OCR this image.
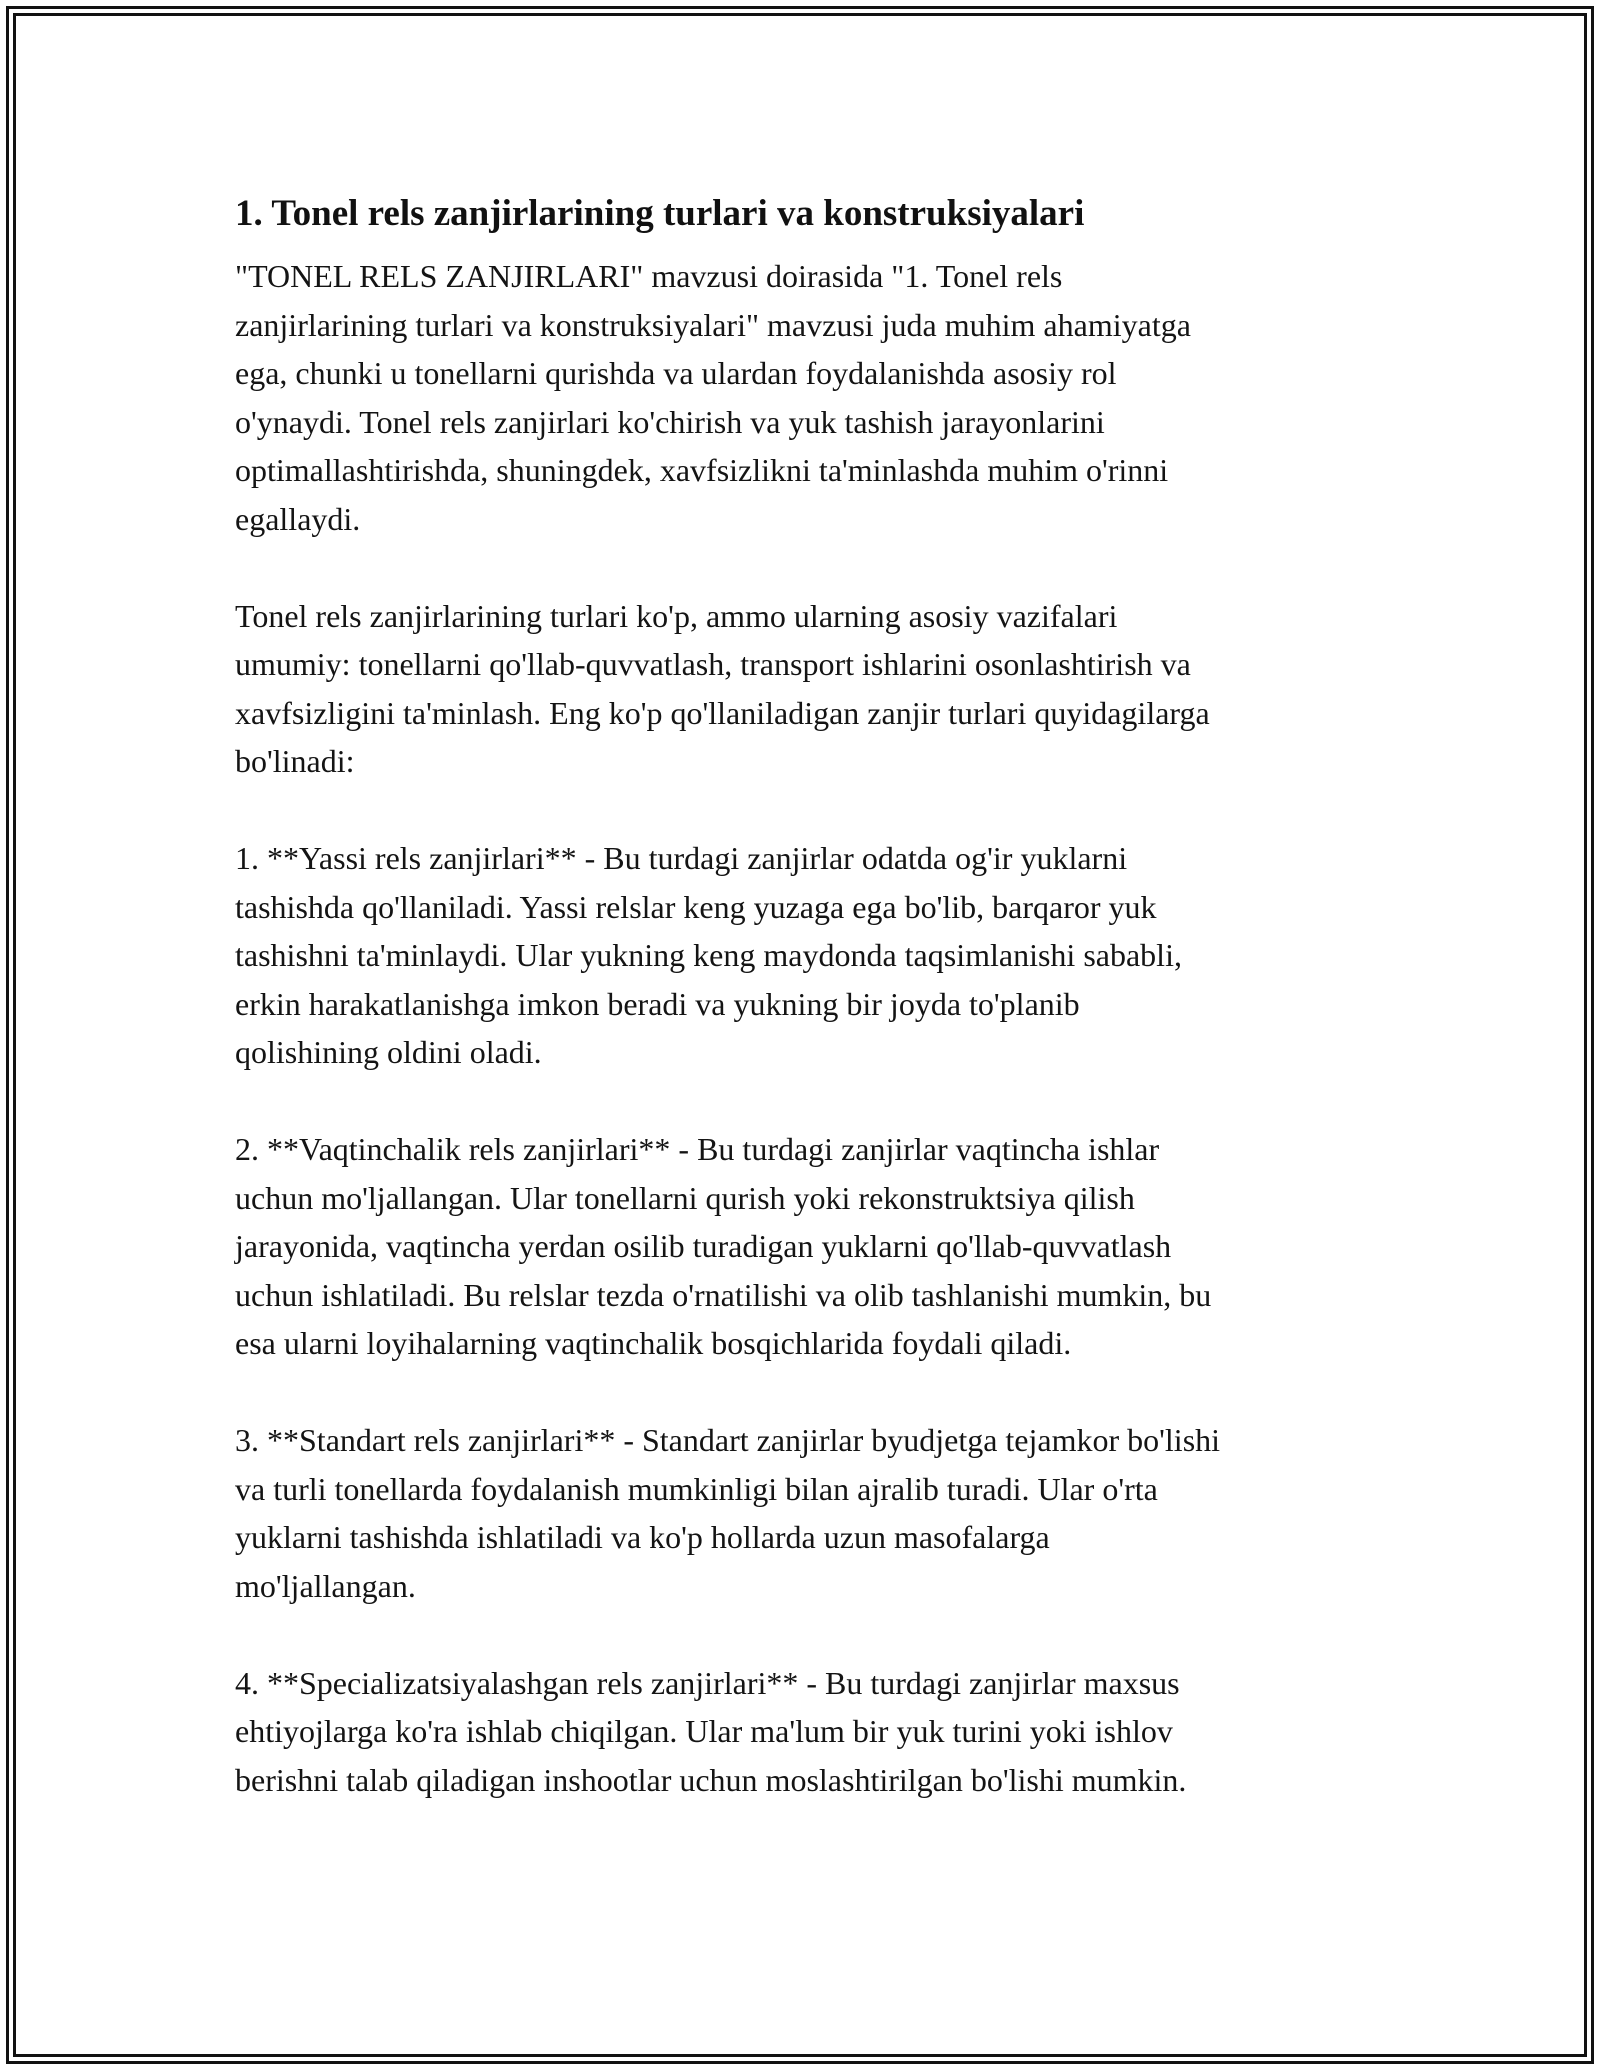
1. Tonel rels zanjirlarining turlari va konstruksiyalari

"TONEL RELS ZANJIRLARI" mavzusi doirasida "1. Tonel rels
zanjirlarining turlari va konstruksiyalari" mavzusi juda muhim ahamiyatga
ega, chunki u tonellarni qurishda va ulardan foydalanishda asosiy rol
o'ynaydi. Tonel rels zanjirlari ko'chirish va yuk tashish jarayonlarini
optimallashtirishda, shuningdek, xavfsizlikni ta'minlashda muhim o'rinni
egallaydi.

Tonel rels zanjirlarining turlari ko'p, ammo ularning asosiy vazifalari
umumiy: tonellarni qo'llab-quvvatlash, transport ishlarini osonlashtirish va
xavfsizligini ta'minlash. Eng ko'p qo'llaniladigan zanjir turlari quyidagilarga
bo'linadi:

1. **Yassi rels zanjirlari** - Bu turdagi zanjirlar odatda og'ir yuklarni
tashishda qo'llaniladi. Yassi relslar keng yuzaga ega bo'lib, barqaror yuk
tashishni ta'minlaydi. Ular yukning keng maydonda taqsimlanishi sababli,
erkin harakatlanishga imkon beradi va yukning bir joyda to'planib
qolishining oldini oladi.

2. **Vaqtinchalik rels zanjirlari** - Bu turdagi zanjirlar vaqtincha ishlar
uchun mo'ljallangan. Ular tonellarni qurish yoki rekonstruktsiya qilish
jarayonida, vaqtincha yerdan osilib turadigan yuklarni qo'llab-quvvatlash
uchun ishlatiladi. Bu relslar tezda o'rnatilishi va olib tashlanishi mumkin, bu
esa ularni loyihalarning vaqtinchalik bosqichlarida foydali qiladi.

3. **Standart rels zanjirlari** - Standart zanjirlar byudjetga tejamkor bo'lishi
va turli tonellarda foydalanish mumkinligi bilan ajralib turadi. Ular o'rta
yuklarni tashishda ishlatiladi va ko'p hollarda uzun masofalarga
mo'ljallangan.

4. **Specializatsiyalashgan rels zanjirlari** - Bu turdagi zanjirlar maxsus
ehtiyojlarga ko'ra ishlab chiqilgan. Ular ma'lum bir yuk turini yoki ishlov
berishni talab qiladigan inshootlar uchun moslashtirilgan bo'lishi mumkin.
